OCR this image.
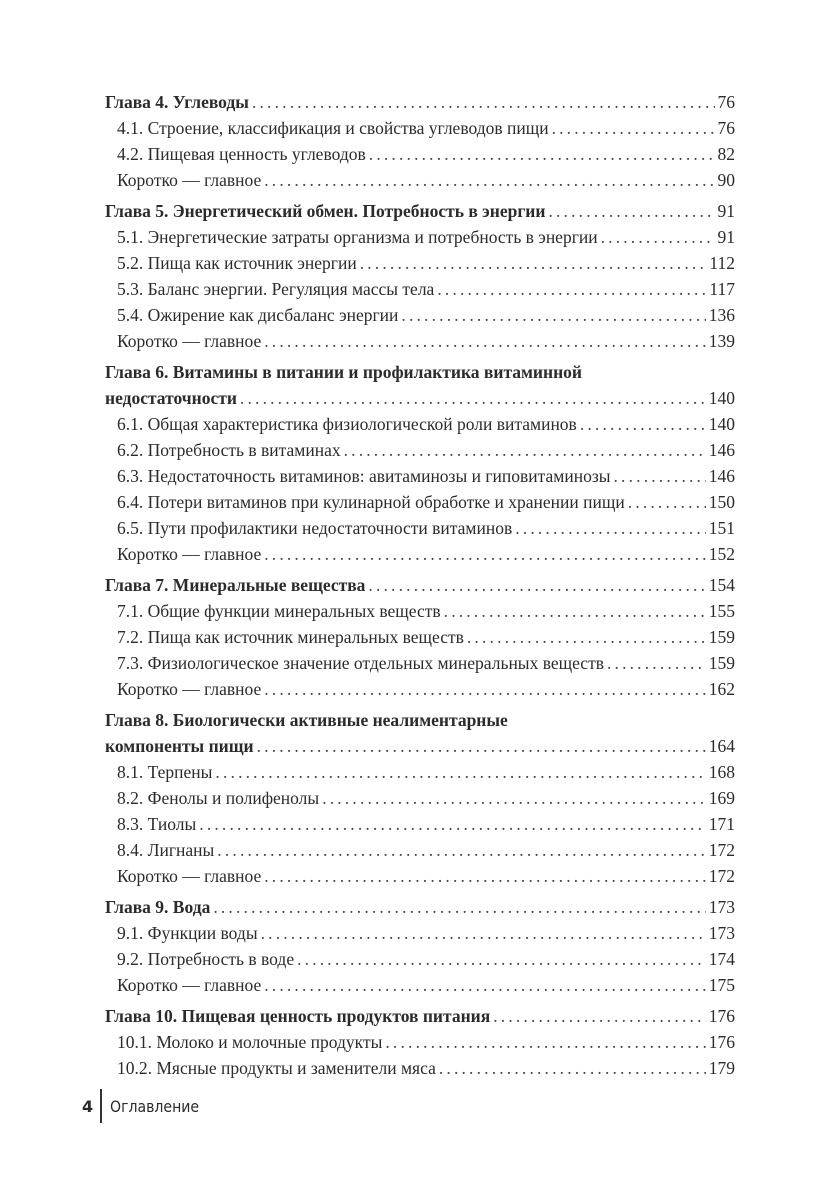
Глава 4. Углеводы . . .	76
4.1. Строение, классификация и свойства углеводов пищи . . .	76
4.2. Пищевая ценность углеводов . . .	82
Коротко — главное . . .	90
Глава 5. Энергетический обмен. Потребность в энергии . . .	91
5.1. Энергетические затраты организма и потребность в энергии . . .	91
5.2. Пища как источник энергии . . .	112
5.3. Баланс энергии. Регуляция массы тела . . .	117
5.4. Ожирение как дисбаланс энергии . . .	136
Коротко — главное . . .	139
Глава 6. Витамины в питании и профилактика витаминной
недостаточности . . .	140
6.1. Общая характеристика физиологической роли витаминов . . .	140
6.2. Потребность в витаминах . . .	146
6.3. Недостаточность витаминов: авитаминозы и гиповитаминозы . . .	146
6.4. Потери витаминов при кулинарной обработке и хранении пищи . . .	150
6.5. Пути профилактики недостаточности витаминов . . .	151
Коротко — главное . . .	152
Глава 7. Минеральные вещества . . .	154
7.1. Общие функции минеральных веществ . . .	155
7.2. Пища как источник минеральных веществ . . .	159
7.3. Физиологическое значение отдельных минеральных веществ . . .	159
Коротко — главное . . .	162
Глава 8. Биологически активные неалиментарные
компоненты пищи . . .	164
8.1. Терпены . . .	168
8.2. Фенолы и полифенолы . . .	169
8.3. Тиолы . . .	171
8.4. Лигнаны . . .	172
Коротко — главное . . .	172
Глава 9. Вода . . .	173
9.1. Функции воды . . .	173
9.2. Потребность в воде . . .	174
Коротко — главное . . .	175
Глава 10. Пищевая ценность продуктов питания . . .	176
10.1. Молоко и молочные продукты . . .	176
10.2. Мясные продукты и заменители мяса . . .	179
4 Оглавление
